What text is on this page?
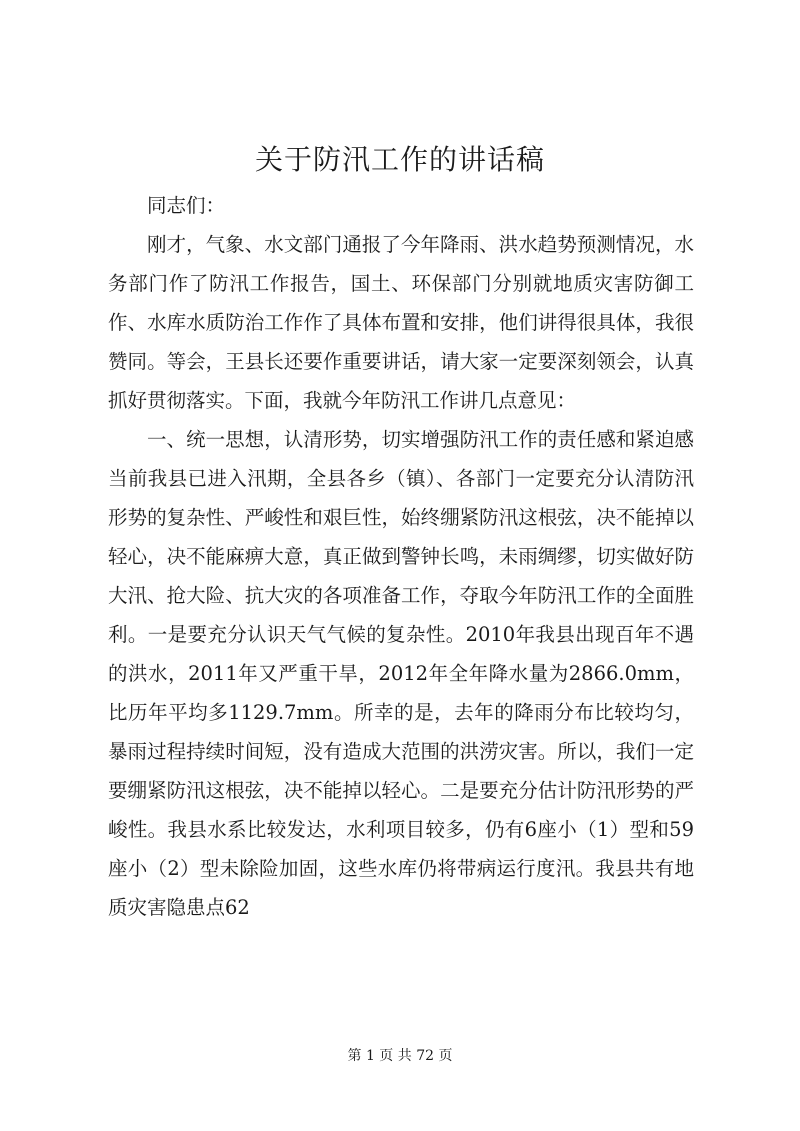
关于防汛工作的讲话稿

同志们：

刚才，气象、水文部门通报了今年降雨、洪水趋势预测情况，水务部门作了防汛工作报告，国土、环保部门分别就地质灾害防御工作、水库水质防治工作作了具体布置和安排，他们讲得很具体，我很赞同。等会，王县长还要作重要讲话，请大家一定要深刻领会，认真抓好贯彻落实。下面，我就今年防汛工作讲几点意见：

一、统一思想，认清形势，切实增强防汛工作的责任感和紧迫感当前我县已进入汛期，全县各乡（镇）、各部门一定要充分认清防汛形势的复杂性、严峻性和艰巨性，始终绷紧防汛这根弦，决不能掉以轻心，决不能麻痹大意，真正做到警钟长鸣，未雨绸缪，切实做好防大汛、抢大险、抗大灾的各项准备工作，夺取今年防汛工作的全面胜利。一是要充分认识天气气候的复杂性。2010年我县出现百年不遇的洪水，2011年又严重干旱，2012年全年降水量为2866.0mm，比历年平均多1129.7mm。所幸的是，去年的降雨分布比较均匀，暴雨过程持续时间短，没有造成大范围的洪涝灾害。所以，我们一定要绷紧防汛这根弦，决不能掉以轻心。二是要充分估计防汛形势的严峻性。我县水系比较发达，水利项目较多，仍有6座小（1）型和59座小（2）型未除险加固，这些水库仍将带病运行度汛。我县共有地质灾害隐患点62

第 1 页 共 72 页
